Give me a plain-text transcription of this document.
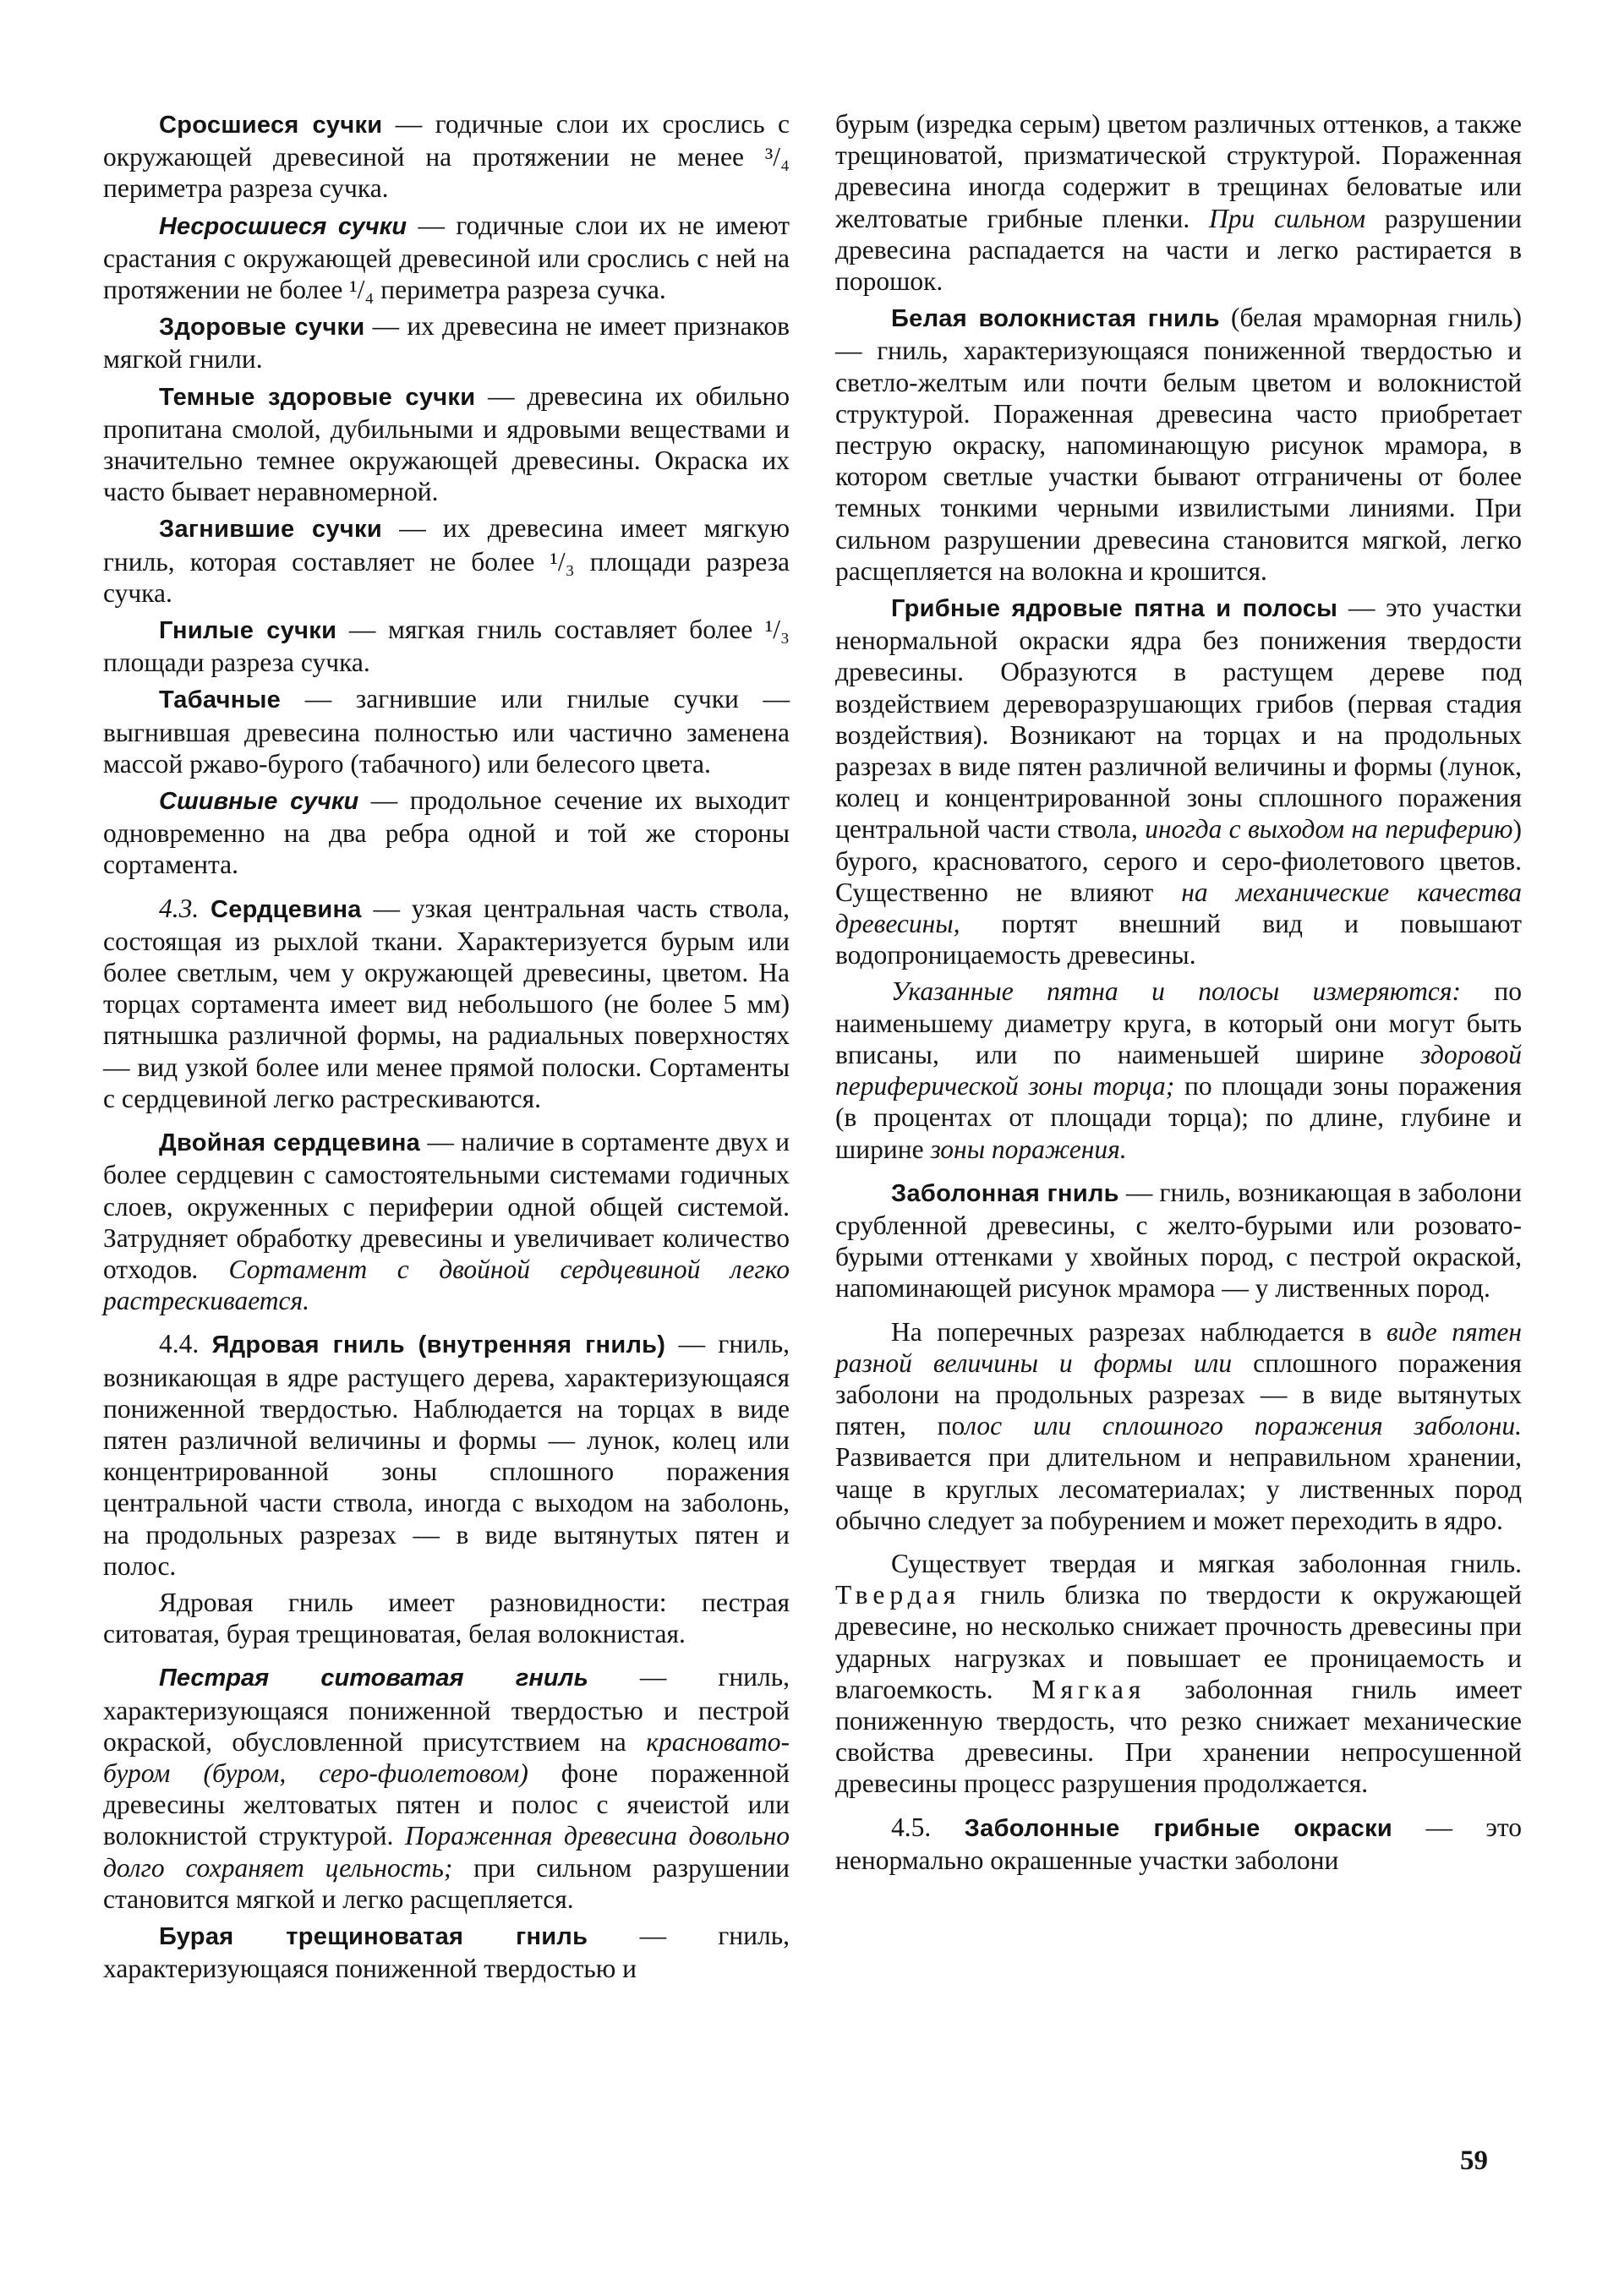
Сросшиеся сучки — годичные слои их срослись с окружающей древесиной на протяжении не менее ³/₄ периметра разреза сучка.

Несросшиеся сучки — годичные слои их не имеют срастания с окружающей древесиной или срослись с ней на протяжении не более ¹/₄ периметра разреза сучка.

Здоровые сучки — их древесина не имеет признаков мягкой гнили.

Темные здоровые сучки — древесина их обильно пропитана смолой, дубильными и ядровыми веществами и значительно темнее окружающей древесины. Окраска их часто бывает неравномерной.

Загнившие сучки — их древесина имеет мягкую гниль, которая составляет не более ¹/₃ площади разреза сучка.

Гнилые сучки — мягкая гниль составляет более ¹/₃ площади разреза сучка.

Табачные — загнившие или гнилые сучки — выгнившая древесина полностью или частично заменена массой ржаво-бурого (табачного) или белесого цвета.

Сшивные сучки — продольное сечение их выходит одновременно на два ребра одной и той же стороны сортамента.

4.3. Сердцевина — узкая центральная часть ствола, состоящая из рыхлой ткани. Характеризуется бурым или более светлым, чем у окружающей древесины, цветом. На торцах сортамента имеет вид небольшого (не более 5 мм) пятнышка различной формы, на радиальных поверхностях — вид узкой более или менее прямой полоски. Сортаменты с сердцевиной легко растрескиваются.

Двойная сердцевина — наличие в сортаменте двух и более сердцевин с самостоятельными системами годичных слоев, окруженных с периферии одной общей системой. Затрудняет обработку древесины и увеличивает количество отходов. Сортамент с двойной сердцевиной легко растрескивается.

4.4. Ядровая гниль (внутренняя гниль) — гниль, возникающая в ядре растущего дерева, характеризующаяся пониженной твердостью. Наблюдается на торцах в виде пятен различной величины и формы — лунок, колец или концентрированной зоны сплошного поражения центральной части ствола, иногда с выходом на заболонь, на продольных разрезах — в виде вытянутых пятен и полос.

Ядровая гниль имеет разновидности: пестрая ситоватая, бурая трещиноватая, белая волокнистая.

Пестрая ситоватая гниль — гниль, характеризующаяся пониженной твердостью и пестрой окраской, обусловленной присутствием на красновато-буром (буром, серо-фиолетовом) фоне пораженной древесины желтоватых пятен и полос с ячеистой или волокнистой структурой. Пораженная древесина довольно долго сохраняет цельность; при сильном разрушении становится мягкой и легко расщепляется.

Бурая трещиноватая гниль — гниль, характеризующаяся пониженной твердостью и

бурым (изредка серым) цветом различных оттенков, а также трещиноватой, призматической структурой. Пораженная древесина иногда содержит в трещинах беловатые или желтоватые грибные пленки. При сильном разрушении древесина распадается на части и легко растирается в порошок.

Белая волокнистая гниль (белая мраморная гниль) — гниль, характеризующаяся пониженной твердостью и светло-желтым или почти белым цветом и волокнистой структурой. Пораженная древесина часто приобретает пеструю окраску, напоминающую рисунок мрамора, в котором светлые участки бывают отграничены от более темных тонкими черными извилистыми линиями. При сильном разрушении древесина становится мягкой, легко расщепляется на волокна и крошится.

Грибные ядровые пятна и полосы — это участки ненормальной окраски ядра без понижения твердости древесины. Образуются в растущем дереве под воздействием дереворазрушающих грибов (первая стадия воздействия). Возникают на торцах и на продольных разрезах в виде пятен различной величины и формы (лунок, колец и концентрированной зоны сплошного поражения центральной части ствола, иногда с выходом на периферию) бурого, красноватого, серого и серо-фиолетового цветов. Существенно не влияют на механические качества древесины, портят внешний вид и повышают водопроницаемость древесины.

Указанные пятна и полосы измеряются: по наименьшему диаметру круга, в который они могут быть вписаны, или по наименьшей ширине здоровой периферической зоны торца; по площади зоны поражения (в процентах от площади торца); по длине, глубине и ширине зоны поражения.

Заболонная гниль — гниль, возникающая в заболони срубленной древесины, с желто-бурыми или розовато-бурыми оттенками у хвойных пород, с пестрой окраской, напоминающей рисунок мрамора — у лиственных пород.

На поперечных разрезах наблюдается в виде пятен разной величины и формы или сплошного поражения заболони на продольных разрезах — в виде вытянутых пятен, полос или сплошного поражения заболони. Развивается при длительном и неправильном хранении, чаще в круглых лесоматериалах; у лиственных пород обычно следует за побурением и может переходить в ядро.

Существует твердая и мягкая заболонная гниль. Твердая гниль близка по твердости к окружающей древесине, но несколько снижает прочность древесины при ударных нагрузках и повышает ее проницаемость и влагоемкость. Мягкая заболонная гниль имеет пониженную твердость, что резко снижает механические свойства древесины. При хранении непросушенной древесины процесс разрушения продолжается.

4.5. Заболонные грибные окраски — это ненормально окрашенные участки заболони

59
